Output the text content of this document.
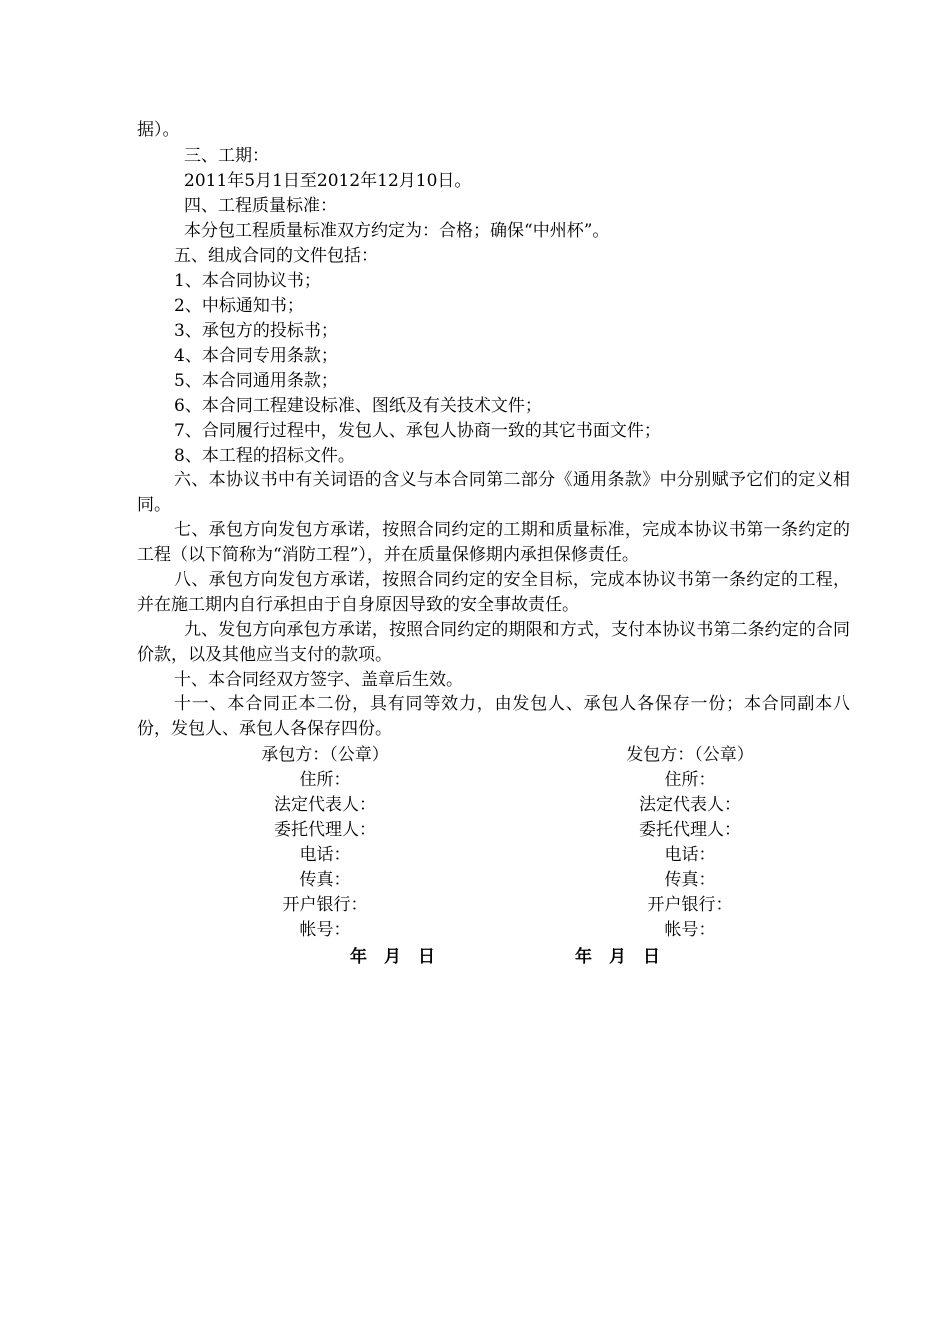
据）。
三、工期：
2011年5月1日至2012年12月10日。
四、工程质量标准：
本分包工程质量标准双方约定为：合格；确保“中州杯”。
五、组成合同的文件包括：
1、本合同协议书；
2、中标通知书；
3、承包方的投标书；
4、本合同专用条款；
5、本合同通用条款；
6、本合同工程建设标准、图纸及有关技术文件；
7、合同履行过程中，发包人、承包人协商一致的其它书面文件；
8、本工程的招标文件。
六、本协议书中有关词语的含义与本合同第二部分《通用条款》中分别赋予它们的定义相同。
七、承包方向发包方承诺，按照合同约定的工期和质量标准，完成本协议书第一条约定的工程（以下简称为“消防工程”），并在质量保修期内承担保修责任。
八、承包方向发包方承诺，按照合同约定的安全目标，完成本协议书第一条约定的工程，并在施工期内自行承担由于自身原因导致的安全事故责任。
九、发包方向承包方承诺，按照合同约定的期限和方式，支付本协议书第二条约定的合同价款，以及其他应当支付的款项。
十、本合同经双方签字、盖章后生效。
十一、本合同正本二份，具有同等效力，由发包人、承包人各保存一份；本合同副本八份，发包人、承包人各保存四份。
承包方：（公章）
住所：
法定代表人：
委托代理人：
电话：
传真：
开户银行：
帐号：
发包方：（公章）
住所：
法定代表人：
委托代理人：
电话：
传真：
开户银行：
帐号：
年　月　日	年　月　日
